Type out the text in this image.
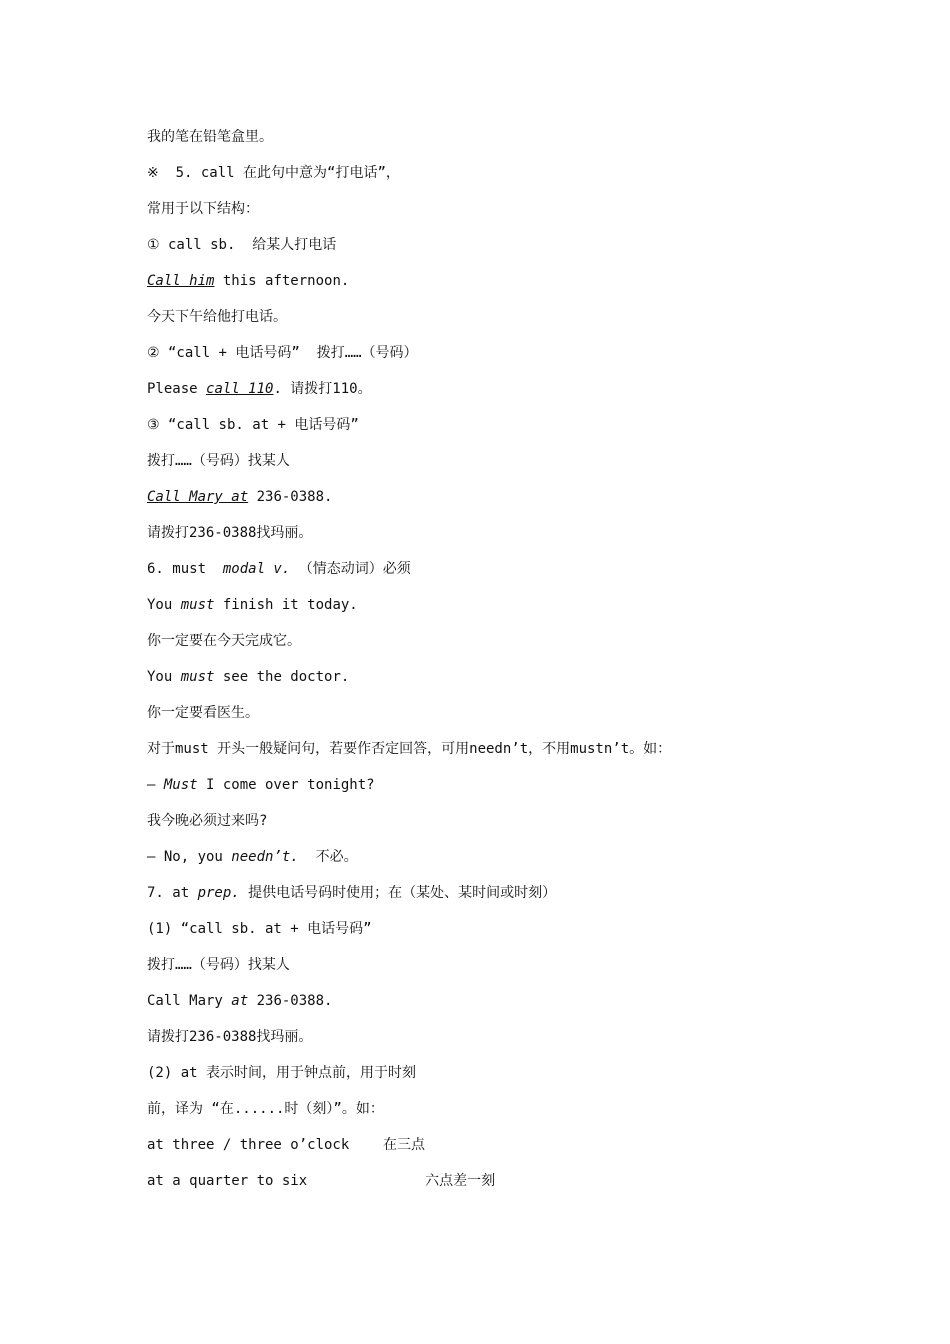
我的笔在铅笔盒里。
※  5. call 在此句中意为“打电话”，
常用于以下结构：
① call sb.  给某人打电话
Call him this afternoon.
今天下午给他打电话。
② “call + 电话号码”  拨打……（号码）
Please call 110. 请拨打110。
③ “call sb. at + 电话号码”
拨打……（号码）找某人
Call Mary at 236-0388.
请拨打236-0388找玛丽。
6. must  modal v. （情态动词）必须
You must finish it today.
你一定要在今天完成它。
You must see the doctor.
你一定要看医生。
对于must 开头一般疑问句，若要作否定回答，可用needn’t，不用mustn’t。如：
— Must I come over tonight?
我今晚必须过来吗?
— No, you needn’t.  不必。
7. at prep. 提供电话号码时使用；在（某处、某时间或时刻）
(1) “call sb. at + 电话号码”
拨打……（号码）找某人
Call Mary at 236-0388.
请拨打236-0388找玛丽。
(2) at 表示时间，用于钟点前，用于时刻
前，译为 “在......时（刻）”。如：
at three / three o’clock    在三点
at a quarter to six              六点差一刻
